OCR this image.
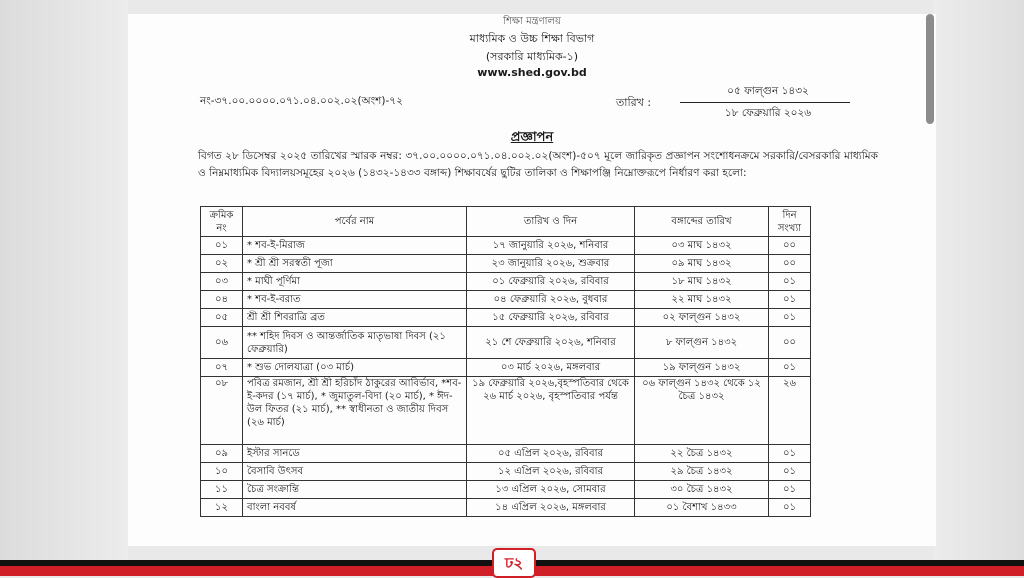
শিক্ষা মন্ত্রণালয়
মাধ্যমিক ও উচ্চ শিক্ষা বিভাগ
(সরকারি মাধ্যমিক-১)
www.shed.gov.bd
নং-৩৭.০০.০০০০.০৭১.০৪.০০২.০২(অংশ)-৭২	তারিখ :
০৫ ফাল্গুন ১৪৩২
১৮ ফেব্রুয়ারি ২০২৬
প্রজ্ঞাপন
বিগত ২৮ ডিসেম্বর ২০২৫ তারিখের স্মারক নম্বর: ৩৭.০০.০০০০.০৭১.০৪.০০২.০২(অংশ)-৫০৭ মূলে জারিকৃত প্রজ্ঞাপন সংশোধনক্রমে সরকারি/বেসরকারি মাধ্যমিক ও নিম্নমাধ্যমিক বিদ্যালয়সমূহের ২০২৬ (১৪৩২-১৪৩৩ বঙ্গাব্দ) শিক্ষাবর্ষের ছুটির তালিকা ও শিক্ষাপঞ্জি নিম্নোক্তরূপে নির্ধারণ করা হলো:
ক্রমিক নং	পর্বের নাম	তারিখ ও দিন	বঙ্গাব্দের তারিখ	দিন সংখ্যা
০১	* শব-ই-মিরাজ	১৭ জানুয়ারি ২০২৬, শনিবার	০৩ মাঘ ১৪৩২	০০
০২	* শ্রী শ্রী সরস্বতী পূজা	২৩ জানুয়ারি ২০২৬, শুক্রবার	০৯ মাঘ ১৪৩২	০০
০৩	* মাঘী পূর্ণিমা	০১ ফেব্রুয়ারি ২০২৬, রবিবার	১৮ মাঘ ১৪৩২	০১
০৪	* শব-ই-বরাত	০৪ ফেব্রুয়ারি ২০২৬, বুধবার	২২ মাঘ ১৪৩২	০১
০৫	শ্রী শ্রী শিবরাত্রি ব্রত	১৫ ফেব্রুয়ারি ২০২৬, রবিবার	০২ ফাল্গুন ১৪৩২	০১
০৬	** শহিদ দিবস ও আন্তর্জাতিক মাতৃভাষা দিবস (২১ ফেব্রুয়ারি)	২১ শে ফেব্রুয়ারি ২০২৬, শনিবার	৮ ফাল্গুন ১৪৩২	০০
০৭	* শুভ দোলযাত্রা (০৩ মার্চ)	০৩ মার্চ ২০২৬, মঙ্গলবার	১৯ ফাল্গুন ১৪৩২	০১
০৮	পবিত্র রমজান, শ্রী শ্রী হরিচাঁদ ঠাকুরের আবির্ভাব, *শব-ই-কদর (১৭ মার্চ), * জুমাতুল-বিদা (২০ মার্চ), * ঈদ-উল ফিতর (২১ মার্চ), ** স্বাধীনতা ও জাতীয় দিবস (২৬ মার্চ)	১৯ ফেব্রুয়ারি ২০২৬,বৃহস্পতিবার থেকে ২৬ মার্চ ২০২৬, বৃহস্পতিবার পর্যন্ত	০৬ ফাল্গুন ১৪৩২ থেকে ১২ চৈত্র ১৪৩২	২৬
০৯	ইস্টার সানডে	০৫ এপ্রিল ২০২৬, রবিবার	২২ চৈত্র ১৪৩২	০১
১০	বৈসাবি উৎসব	১২ এপ্রিল ২০২৬, রবিবার	২৯ চৈত্র ১৪৩২	০১
১১	চৈত্র সংক্রান্তি	১৩ এপ্রিল ২০২৬, সোমবার	৩০ চৈত্র ১৪৩২	০১
১২	বাংলা নববর্ষ	১৪ এপ্রিল ২০২৬, মঙ্গলবার	০১ বৈশাখ ১৪৩৩	০১
ঢ২
